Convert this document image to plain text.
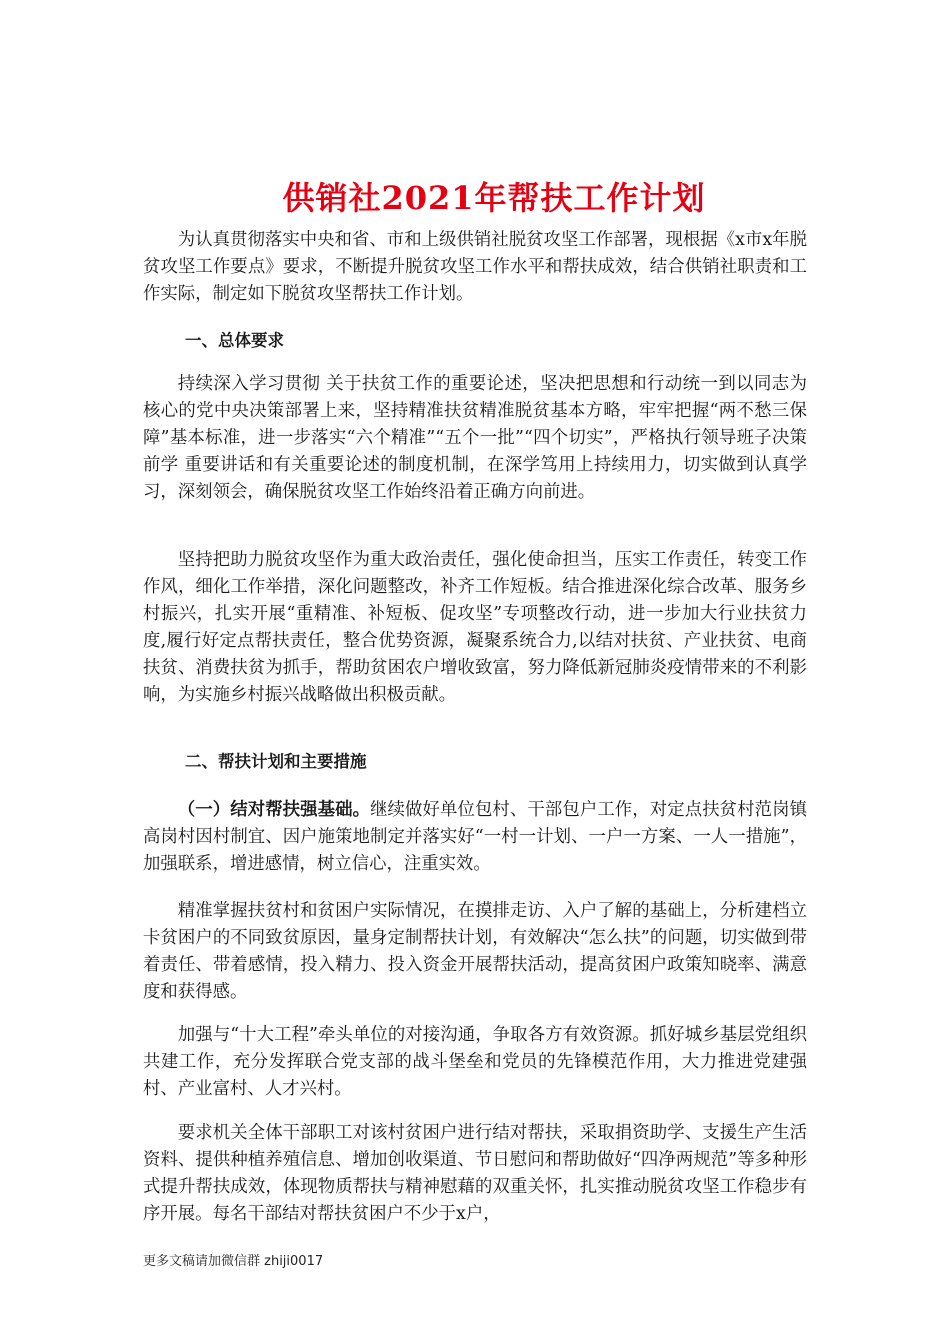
供销社2021年帮扶工作计划

为认真贯彻落实中央和省、市和上级供销社脱贫攻坚工作部署，现根据《x市x年脱贫攻坚工作要点》要求，不断提升脱贫攻坚工作水平和帮扶成效，结合供销社职责和工作实际，制定如下脱贫攻坚帮扶工作计划。

一、总体要求

持续深入学习贯彻 关于扶贫工作的重要论述，坚决把思想和行动统一到以同志为核心的党中央决策部署上来，坚持精准扶贫精准脱贫基本方略，牢牢把握“两不愁三保障”基本标准，进一步落实“六个精准”“五个一批”“四个切实”，严格执行领导班子决策前学 重要讲话和有关重要论述的制度机制，在深学笃用上持续用力，切实做到认真学习，深刻领会，确保脱贫攻坚工作始终沿着正确方向前进。

坚持把助力脱贫攻坚作为重大政治责任，强化使命担当，压实工作责任，转变工作作风，细化工作举措，深化问题整改，补齐工作短板。结合推进深化综合改革、服务乡村振兴，扎实开展“重精准、补短板、促攻坚”专项整改行动，进一步加大行业扶贫力度,履行好定点帮扶责任，整合优势资源，凝聚系统合力,以结对扶贫、产业扶贫、电商扶贫、消费扶贫为抓手，帮助贫困农户增收致富，努力降低新冠肺炎疫情带来的不利影响，为实施乡村振兴战略做出积极贡献。

二、帮扶计划和主要措施

（一）结对帮扶强基础。继续做好单位包村、干部包户工作，对定点扶贫村范岗镇高岗村因村制宜、因户施策地制定并落实好“一村一计划、一户一方案、一人一措施”，加强联系，增进感情，树立信心，注重实效。

精准掌握扶贫村和贫困户实际情况，在摸排走访、入户了解的基础上，分析建档立卡贫困户的不同致贫原因，量身定制帮扶计划，有效解决“怎么扶”的问题，切实做到带着责任、带着感情，投入精力、投入资金开展帮扶活动，提高贫困户政策知晓率、满意度和获得感。

加强与“十大工程”牵头单位的对接沟通，争取各方有效资源。抓好城乡基层党组织共建工作，充分发挥联合党支部的战斗堡垒和党员的先锋模范作用，大力推进党建强村、产业富村、人才兴村。

要求机关全体干部职工对该村贫困户进行结对帮扶，采取捐资助学、支援生产生活资料、提供种植养殖信息、增加创收渠道、节日慰问和帮助做好“四净两规范”等多种形式提升帮扶成效，体现物质帮扶与精神慰藉的双重关怀，扎实推动脱贫攻坚工作稳步有序开展。每名干部结对帮扶贫困户不少于x户，

更多文稿请加微信群 zhiji0017
